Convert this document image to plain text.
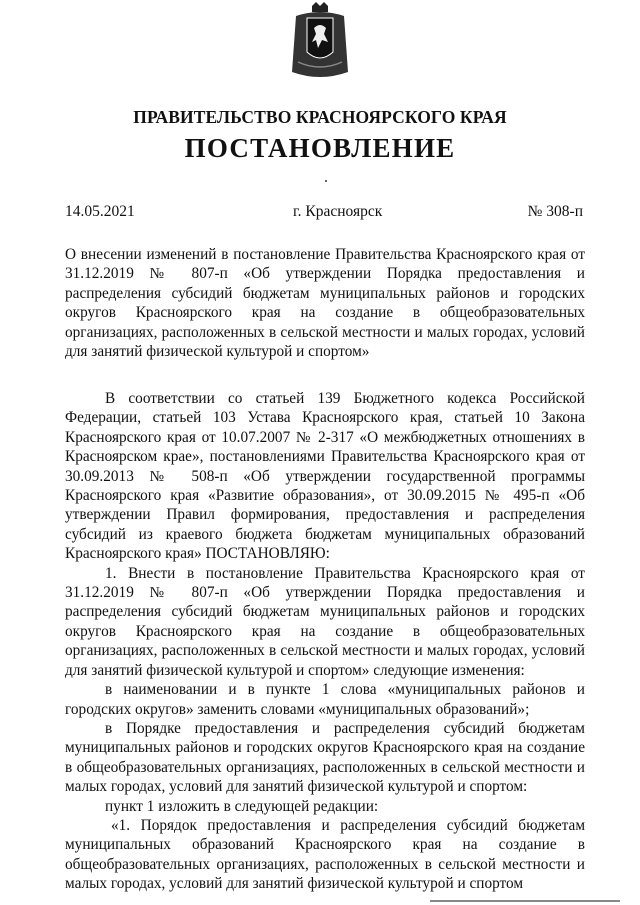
ПРАВИТЕЛЬСТВО КРАСНОЯРСКОГО КРАЯ
ПОСТАНОВЛЕНИЕ
14.05.2021	г. Красноярск	№ 308-п
О внесении изменений в постановление Правительства Красноярского края от 31.12.2019 № 807-п «Об утверждении Порядка предоставления и распределения субсидий бюджетам муниципальных районов и городских округов Красноярского края на создание в общеобразовательных организациях, расположенных в сельской местности и малых городах, условий для занятий физической культурой и спортом»

В соответствии со статьей 139 Бюджетного кодекса Российской Федерации, статьей 103 Устава Красноярского края, статьей 10 Закона Красноярского края от 10.07.2007 № 2-317 «О межбюджетных отношениях в Красноярском крае», постановлениями Правительства Красноярского края от 30.09.2013 № 508-п «Об утверждении государственной программы Красноярского края «Развитие образования», от 30.09.2015 № 495-п «Об утверждении Правил формирования, предоставления и распределения субсидий из краевого бюджета бюджетам муниципальных образований Красноярского края» ПОСТАНОВЛЯЮ:

1. Внести в постановление Правительства Красноярского края от 31.12.2019 № 807-п «Об утверждении Порядка предоставления и распределения субсидий бюджетам муниципальных районов и городских округов Красноярского края на создание в общеобразовательных организациях, расположенных в сельской местности и малых городах, условий для занятий физической культурой и спортом» следующие изменения:

в наименовании и в пункте 1 слова «муниципальных районов и городских округов» заменить словами «муниципальных образований»;

в Порядке предоставления и распределения субсидий бюджетам муниципальных районов и городских округов Красноярского края на создание в общеобразовательных организациях, расположенных в сельской местности и малых городах, условий для занятий физической культурой и спортом:

пункт 1 изложить в следующей редакции:

«1. Порядок предоставления и распределения субсидий бюджетам муниципальных образований Красноярского края на создание в общеобразовательных организациях, расположенных в сельской местности и малых городах, условий для занятий физической культурой и спортом
